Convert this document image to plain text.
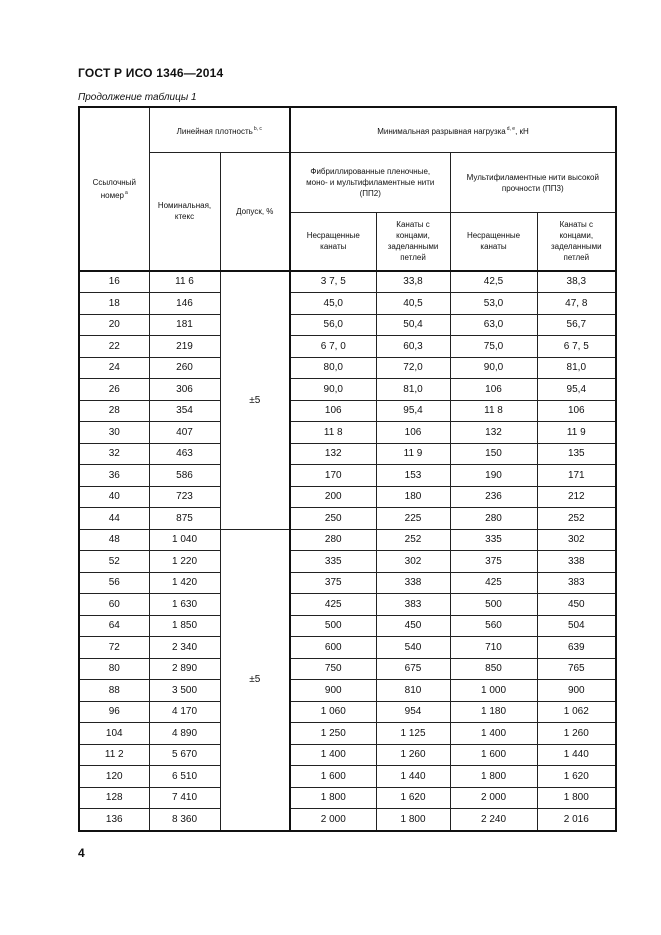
ГОСТ Р ИСО 1346—2014
Продолжение таблицы 1
Ссылочный номер$^a$	Линейная плотность$^{b, c}$		Минимальная разрывная нагрузка$^{d, e}$, кН			
	Номинальная, ктекс	Допуск, %	Фибриллированные пленочные, моно- и мультифиламентные нити (ПП2)		Мультифиламентные нити высокой прочности (ПП3)	
			Несращенные канаты	Канаты с концами, заделанными петлей	Несращенные канаты	Канаты с концами, заделанными петлей
16	11 6	±5	3 7, 5	33,8	42,5	38,3
18	146		45,0	40,5	53,0	47, 8
20	181		56,0	50,4	63,0	56,7
22	219		6 7, 0	60,3	75,0	6 7, 5
24	260		80,0	72,0	90,0	81,0
26	306		90,0	81,0	106	95,4
28	354		106	95,4	11 8	106
30	407		11 8	106	132	11 9
32	463		132	11 9	150	135
36	586		170	153	190	171
40	723		200	180	236	212
44	875		250	225	280	252
48	1 040	±5	280	252	335	302
52	1 220		335	302	375	338
56	1 420		375	338	425	383
60	1 630		425	383	500	450
64	1 850		500	450	560	504
72	2 340		600	540	710	639
80	2 890		750	675	850	765
88	3 500		900	810	1 000	900
96	4 170		1 060	954	1 180	1 062
104	4 890		1 250	1 125	1 400	1 260
11 2	5 670		1 400	1 260	1 600	1 440
120	6 510		1 600	1 440	1 800	1 620
128	7 410		1 800	1 620	2 000	1 800
136	8 360		2 000	1 800	2 240	2 016
4
